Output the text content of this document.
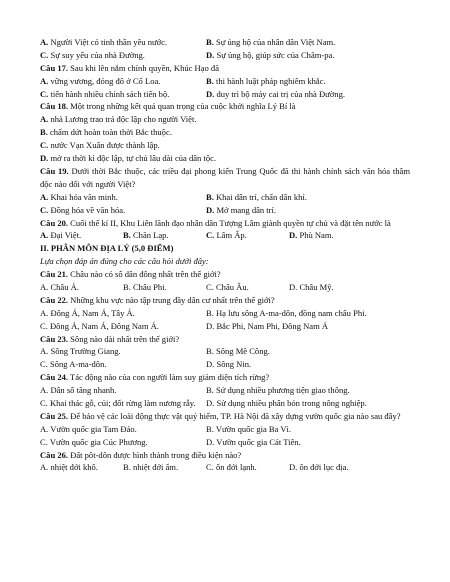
A. Người Việt có tinh thần yêu nước.	B. Sự ủng hộ của nhân dân Việt Nam.
C. Sự suy yếu của nhà Đường.	D. Sự ủng hộ, giúp sức của Chăm-pa.
Câu 17. Sau khi lên nắm chính quyền, Khúc Hạo đã
A. vững vương, đóng đô ở Cổ Loa.	B. thi hành luật pháp nghiêm khắc.
C. tiến hành nhiều chính sách tiến bộ.	D. duy trì bộ máy cai trị của nhà Đường.
Câu 18. Một trong những kết quả quan trọng của cuộc khởi nghĩa Lý Bí là
A. nhà Lương trao trả độc lập cho người Việt.
B. chấm dứt hoàn toàn thời Bắc thuộc.
C. nước Vạn Xuân được thành lập.
D. mở ra thời kì độc lập, tự chủ lâu dài của dân tộc.
Câu 19. Dưới thời Bắc thuộc, các triều đại phong kiến Trung Quốc đã thi hành chính sách văn hóa thâm độc nào đối với người Việt?
A. Khai hóa văn minh.	B. Khai dân trí, chấn dân khí.
C. Đồng hóa về văn hóa.	D. Mở mang dân trí.
Câu 20. Cuối thế kỉ II, Khu Liên lãnh đạo nhân dân Tượng Lâm giành quyền tự chủ và đặt tên nước là
A. Đại Việt.	B. Chăn Lạp.	C. Lâm Ấp.	D. Phù Nam.
II. PHÂN MÔN ĐỊA LÝ (5,0 ĐIỂM)
Lựa chọn đáp án đúng cho các câu hỏi dưới đây:
Câu 21. Châu nào có số dân đông nhất trên thế giới?
A. Châu Á.	B. Châu Phi.	C. Châu Âu.	D. Châu Mỹ.
Câu 22. Những khu vực nào tập trung đầy dân cư nhất trên thế giới?
A. Đông Á, Nam Á, Tây Á.	B. Hạ lưu sông A-ma-dôn, đồng nam châu Phi.
C. Đông Á, Nam Á, Đông Nam Á.	D. Bắc Phi, Nam Phi, Đông Nam Á
Câu 23. Sông nào dài nhất trên thế giới?
A. Sông Trường Giang.	B. Sông Mê Công.
C. Sông A-ma-dôn.	D. Sông Nin.
Câu 24. Tác động nào của con người làm suy giảm diện tích rừng?
A. Dân số tăng nhanh.	B. Sử dụng nhiều phương tiện giao thông.
C. Khai thác gỗ, củi; đốt rừng làm nương rẫy. D. Sử dụng nhiều phân bón trong nông nghiệp.
Câu 25. Để bảo vệ các loài động thực vật quý hiếm, TP. Hà Nội đã xây dựng vườn quốc gia nào sau đây?
A. Vườn quốc gia Tam Đảo.	B. Vườn quốc gia Ba Vì.
C. Vườn quốc gia Cúc Phương.	D. Vườn quốc gia Cát Tiên.
Câu 26. Đất pôt-dôn được hình thành trong điều kiện nào?
A. nhiệt đới khô.	B. nhiệt đới ẩm.	C. ôn đới lạnh.	D. ôn đới lục địa.
